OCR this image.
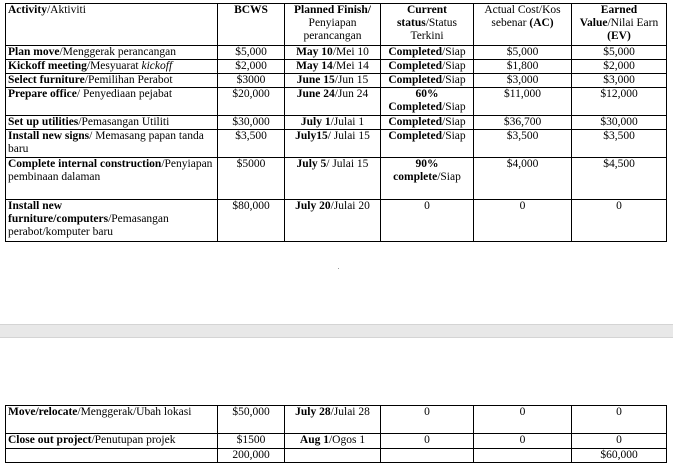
Activity/Aktiviti	BCWS	Planned Finish/ Penyiapan perancangan	Current status/Status Terkini	Actual Cost/Kos sebenar (AC)	Earned Value/Nilai Earn (EV)
Plan move/Menggerak perancangan	$5,000	May 10/Mei 10	Completed/Siap	$5,000	$5,000
Kickoff meeting/Mesyuarat kickoff	$2,000	May 14/Mei 14	Completed/Siap	$1,800	$2,000
Select furniture/Pemilihan Perabot	$3000	June 15/Jun 15	Completed/Siap	$3,000	$3,000
Prepare office/ Penyediaan pejabat	$20,000	June 24/Jun 24	60% Completed/Siap	$11,000	$12,000
Set up utilities/Pemasangan Utiliti	$30,000	July 1/Julai 1	Completed/Siap	$36,700	$30,000
Install new signs/ Memasang papan tanda baru	$3,500	July15/ Julai 15	Completed/Siap	$3,500	$3,500
Complete internal construction/Penyiapan pembinaan dalaman	$5000	July 5/ Julai 15	90% complete/Siap	$4,000	$4,500
Install new furniture/computers/Pemasangan perabot/komputer baru	$80,000	July 20/Julai 20	0	0	0
Move/relocate/Menggerak/Ubah lokasi	$50,000	July 28/Julai 28	0	0	0
Close out project/Penutupan projek	$1500	Aug 1/Ogos 1	0	0	0
	200,000				$60,000
